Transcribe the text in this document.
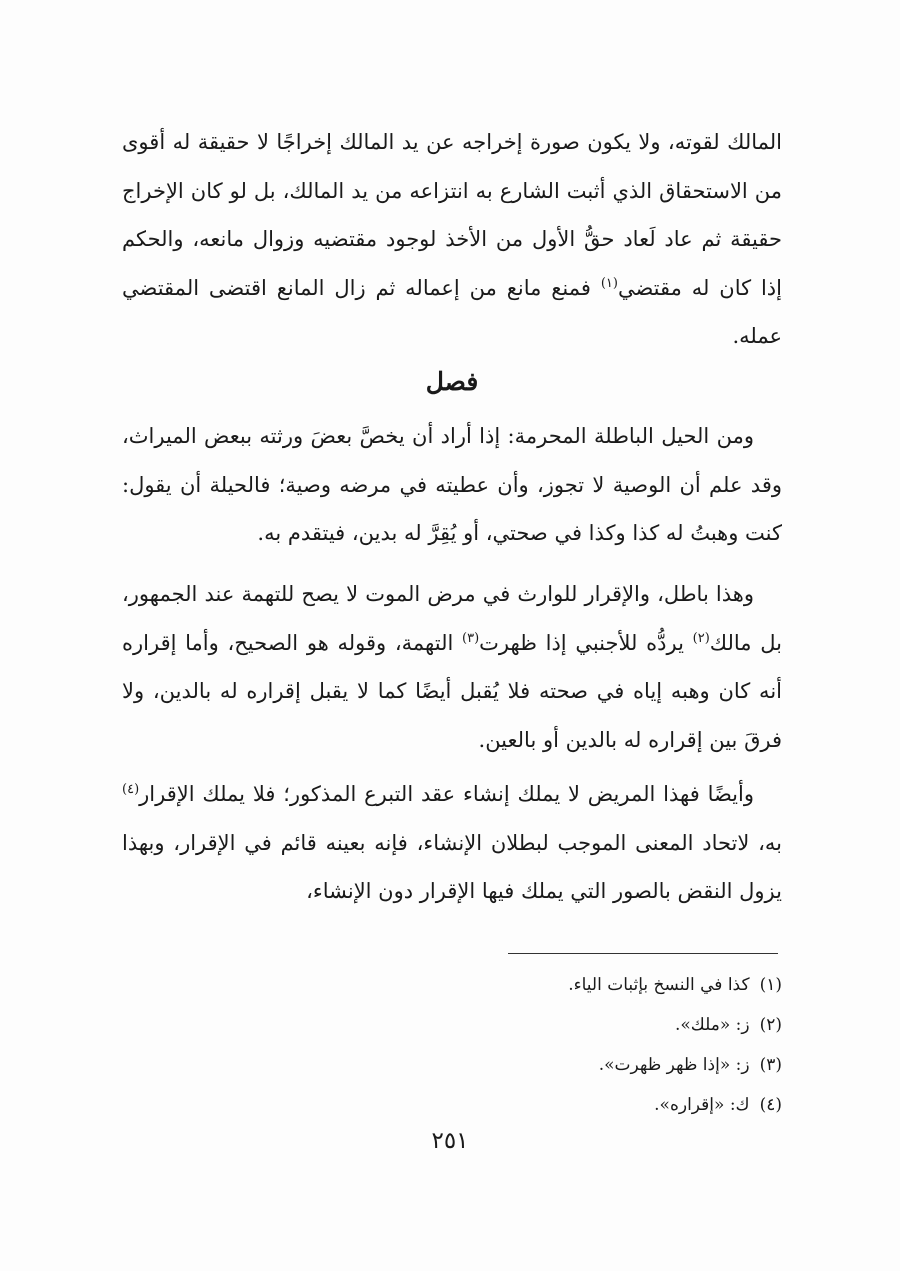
المالك لقوته، ولا يكون صورة إخراجه عن يد المالك إخراجًا لا حقيقة له أقوى من الاستحقاق الذي أثبت الشارع به انتزاعه من يد المالك، بل لو كان الإخراج حقيقة ثم عاد لَعاد حقُّ الأول من الأخذ لوجود مقتضيه وزوال مانعه، والحكم إذا كان له مقتضي$^{(١)}$ فمنع مانع من إعماله ثم زال المانع اقتضى المقتضي عمله.

فصل

ومن الحيل الباطلة المحرمة: إذا أراد أن يخصَّ بعضَ ورثته ببعض الميراث، وقد علم أن الوصية لا تجوز، وأن عطيته في مرضه وصية؛ فالحيلة أن يقول: كنت وهبتُ له كذا وكذا في صحتي، أو يُقِرَّ له بدين، فيتقدم به.

وهذا باطل، والإقرار للوارث في مرض الموت لا يصح للتهمة عند الجمهور، بل مالك$^{(٢)}$ يردُّه للأجنبي إذا ظهرت$^{(٣)}$ التهمة، وقوله هو الصحيح، وأما إقراره أنه كان وهبه إياه في صحته فلا يُقبل أيضًا كما لا يقبل إقراره له بالدين، ولا فرقَ بين إقراره له بالدين أو بالعين.

وأيضًا فهذا المريض لا يملك إنشاء عقد التبرع المذكور؛ فلا يملك الإقرار$^{(٤)}$ به، لاتحاد المعنى الموجب لبطلان الإنشاء، فإنه بعينه قائم في الإقرار، وبهذا يزول النقض بالصور التي يملك فيها الإقرار دون الإنشاء،

(١)كذا في النسخ بإثبات الياء.
(٢)ز: «ملك».
(٣)ز: «إذا ظهر ظهرت».
(٤)ك: «إقراره».
٢٥١
